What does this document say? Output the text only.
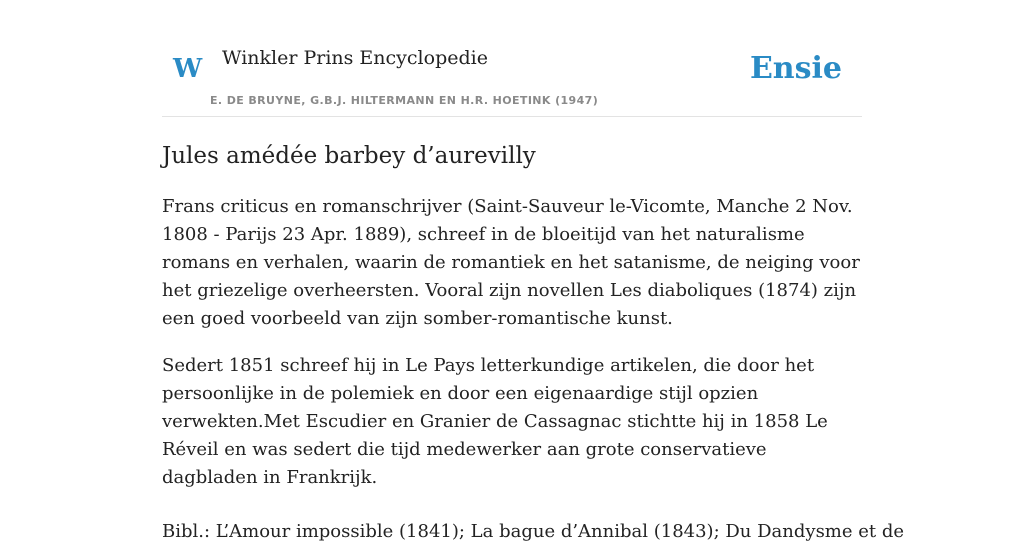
W Winkler Prins Encyclopedie
E. DE BRUYNE, G.B.J. HILTERMANN EN H.R. HOETINK (1947)
Ensie
Jules amédée barbey d’aurevilly

Frans criticus en romanschrijver (Saint-Sauveur le-Vicomte, Manche 2 Nov. 1808 - Parijs 23 Apr. 1889), schreef in de bloeitijd van het naturalisme romans en verhalen, waarin de romantiek en het satanisme, de neiging voor het griezelige overheersten. Vooral zijn novellen Les diaboliques (1874) zijn een goed voorbeeld van zijn somber-romantische kunst.

Sedert 1851 schreef hij in Le Pays letterkundige artikelen, die door het persoonlijke in de polemiek en door een eigenaardige stijl opzien verwekten.Met Escudier en Granier de Cassagnac stichtte hij in 1858 Le Réveil en was sedert die tijd medewerker aan grote conservatieve dagbladen in Frankrijk.

Bibl.: L’Amour impossible (1841); La bague d’Annibal (1843); Du Dandysme et de
